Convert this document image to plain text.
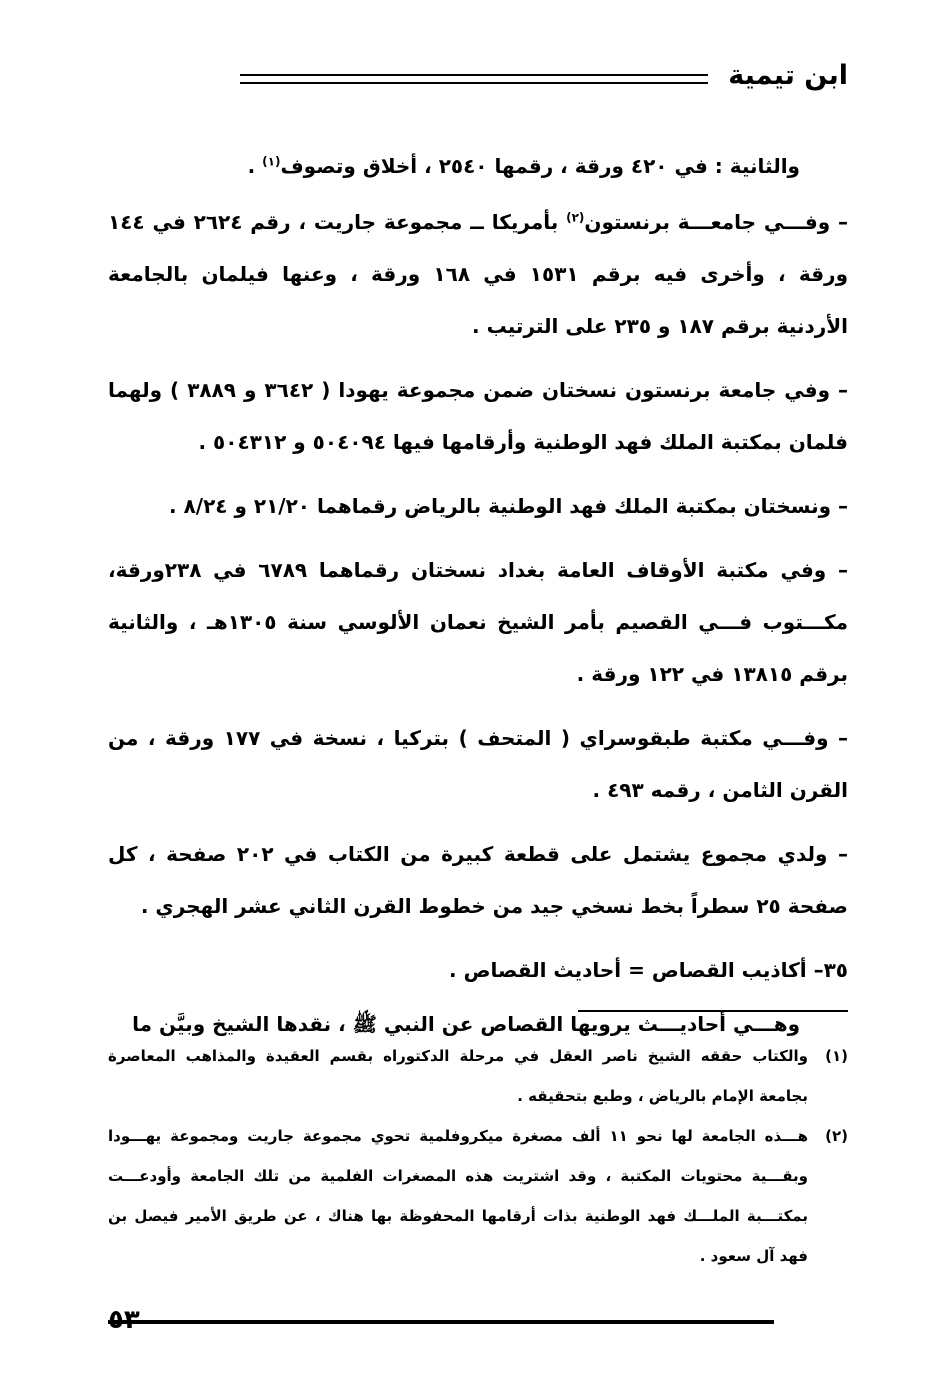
ابن تيمية

والثانية : في ٤٢٠ ورقة ، رقمها ٢٥٤٠ ، أخلاق وتصوف$^{(١)}$ .

– وفـــي جامعـــة برنستون$^{(٢)}$ بأمريكا ــ مجموعة جاريت ، رقم ٢٦٢٤ في ١٤٤ ورقة ، وأخرى فيه برقم ١٥٣١ في ١٦٨ ورقة ، وعنها فيلمان بالجامعة الأردنية برقم ١٨٧ و ٢٣٥ على الترتيب .

– وفي جامعة برنستون نسختان ضمن مجموعة يهودا ( ٣٦٤٢ و ٣٨٨٩ ) ولهما فلمان بمكتبة الملك فهد الوطنية وأرقامها فيها ٥٠٤٠٩٤ و ٥٠٤٣١٢ .

– ونسختان بمكتبة الملك فهد الوطنية بالرياض رقماهما ٢١/٢٠ و ٨/٢٤ .

– وفي مكتبة الأوقاف العامة بغداد نسختان رقماهما ٦٧٨٩ في ٢٣٨ورقة، مكـــتوب فـــي القصيم بأمر الشيخ نعمان الألوسي سنة ١٣٠٥هـ ، والثانية برقم ١٣٨١٥ في ١٢٢ ورقة .

– وفـــي مكتبة طبقوسراي ( المتحف ) بتركيا ، نسخة في ١٧٧ ورقة ، من القرن الثامن ، رقمه ٤٩٣ .

– ولدي مجموع يشتمل على قطعة كبيرة من الكتاب في ٢٠٢ صفحة ، كل صفحة ٢٥ سطراً بخط نسخي جيد من خطوط القرن الثاني عشر الهجري .

٣٥– أكاذيب القصاص = أحاديث القصاص .

وهـــي أحاديـــث يرويها القصاص عن النبي ﷺ ، نقدها الشيخ وبيَّن ما

(١)
والكتاب حققه الشيخ ناصر العقل في مرحلة الدكتوراه بقسم العقيدة والمذاهب المعاصرة بجامعة الإمام بالرياض ، وطبع بتحقيقه .
(٢)
هـــذه الجامعة لها نحو ١١ ألف مصغرة ميكروفلمية تحوي مجموعة جاريت ومجموعة يهـــودا وبقـــية محتويات المكتبة ، وقد اشتريت هذه المصغرات الفلمية من تلك الجامعة وأودعـــت بمكتـــبة الملـــك فهد الوطنية بذات أرقامها المحفوظة بها هناك ، عن طريق الأمير فيصل بن فهد آل سعود .
٥٣
